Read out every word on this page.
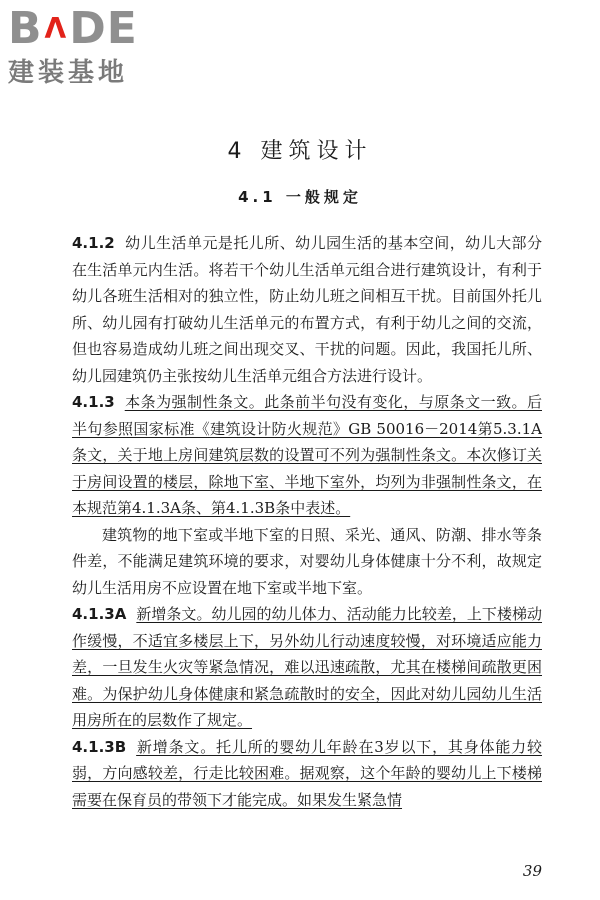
B Λ DE
建装基地
4 建筑设计
4.1 一般规定

4.1.2 幼儿生活单元是托儿所、幼儿园生活的基本空间，幼儿大部分在生活单元内生活。将若干个幼儿生活单元组合进行建筑设计，有利于幼儿各班生活相对的独立性，防止幼儿班之间相互干扰。目前国外托儿所、幼儿园有打破幼儿生活单元的布置方式，有利于幼儿之间的交流，但也容易造成幼儿班之间出现交叉、干扰的问题。因此，我国托儿所、幼儿园建筑仍主张按幼儿生活单元组合方法进行设计。

4.1.3 本条为强制性条文。此条前半句没有变化，与原条文一致。后半句参照国家标准《建筑设计防火规范》GB 50016－2014第5.3.1A条文，关于地上房间建筑层数的设置可不列为强制性条文。本次修订关于房间设置的楼层，除地下室、半地下室外，均列为非强制性条文，在本规范第4.1.3A条、第4.1.3B条中表述。

建筑物的地下室或半地下室的日照、采光、通风、防潮、排水等条件差，不能满足建筑环境的要求，对婴幼儿身体健康十分不利，故规定幼儿生活用房不应设置在地下室或半地下室。

4.1.3A 新增条文。幼儿园的幼儿体力、活动能力比较差，上下楼梯动作缓慢，不适宜多楼层上下，另外幼儿行动速度较慢，对环境适应能力差，一旦发生火灾等紧急情况，难以迅速疏散，尤其在楼梯间疏散更困难。为保护幼儿身体健康和紧急疏散时的安全，因此对幼儿园幼儿生活用房所在的层数作了规定。

4.1.3B 新增条文。托儿所的婴幼儿年龄在3岁以下，其身体能力较弱，方向感较差，行走比较困难。据观察，这个年龄的婴幼儿上下楼梯需要在保育员的带领下才能完成。如果发生紧急情

39
